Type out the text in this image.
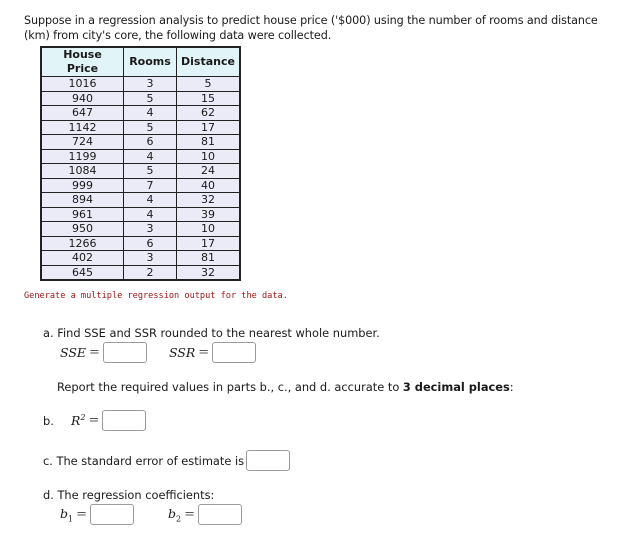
Suppose in a regression analysis to predict house price ('$000) using the number of rooms and distance (km) from city's core, the following data were collected.
House Price	Rooms	Distance
1016	3	5
940	5	15
647	4	62
1142	5	17
724	6	81
1199	4	10
1084	5	24
999	7	40
894	4	32
961	4	39
950	3	10
1266	6	17
402	3	81
645	2	32
Generate a multiple regression output for the data.
a. Find SSE and SSR rounded to the nearest whole number.
SSE =	SSR =
Report the required values in parts b., c., and d. accurate to 3 decimal places:
b.	$R^2$ =
c. The standard error of estimate is
d. The regression coefficients:
$b_1$ =	$b_2$ =
